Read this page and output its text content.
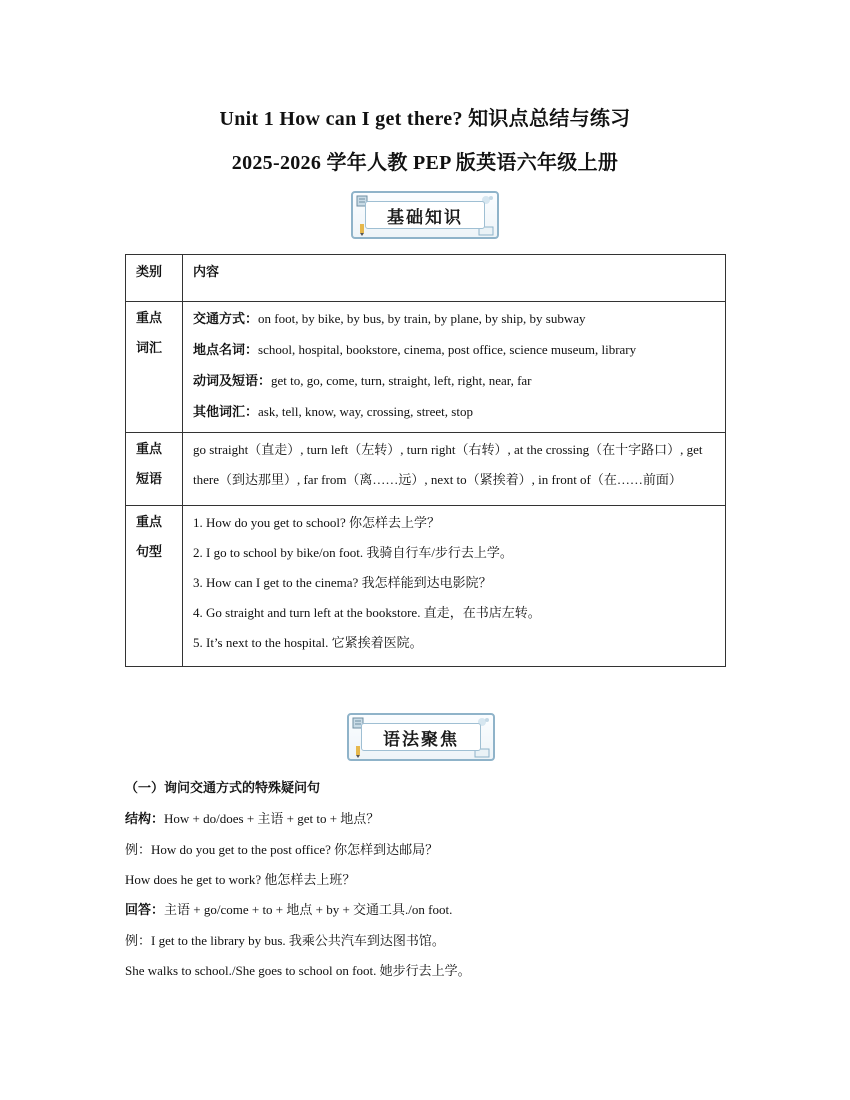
Unit 1 How can I get there? 知识点总结与练习
2025-2026 学年人教 PEP 版英语六年级上册
基础知识
类别	内容

重点词汇	交通方式：on foot, by bike, by bus, by train, by plane, by ship, by subway
地点名词：school, hospital, bookstore, cinema, post office, science museum, library
动词及短语：get to, go, come, turn, straight, left, right, near, far
其他词汇：ask, tell, know, way, crossing, street, stop

重点短语	go straight（直走）, turn left（左转）, turn right（右转）, at the crossing（在十字路口）, get there（到达那里）, far from（离……远）, next to（紧挨着）, in front of（在……前面）

重点句型	1. How do you get to school? 你怎样去上学？
2. I go to school by bike/on foot. 我骑自行车/步行去上学。
3. How can I get to the cinema? 我怎样能到达电影院？
4. Go straight and turn left at the bookstore. 直走，在书店左转。
5. It’s next to the hospital. 它紧挨着医院。
语法聚焦
（一）询问交通方式的特殊疑问句
结构：How + do/does + 主语 + get to + 地点？
例：How do you get to the post office? 你怎样到达邮局？
How does he get to work? 他怎样去上班？
回答：主语 + go/come + to + 地点 + by + 交通工具./on foot.
例：I get to the library by bus. 我乘公共汽车到达图书馆。
She walks to school./She goes to school on foot. 她步行去上学。
